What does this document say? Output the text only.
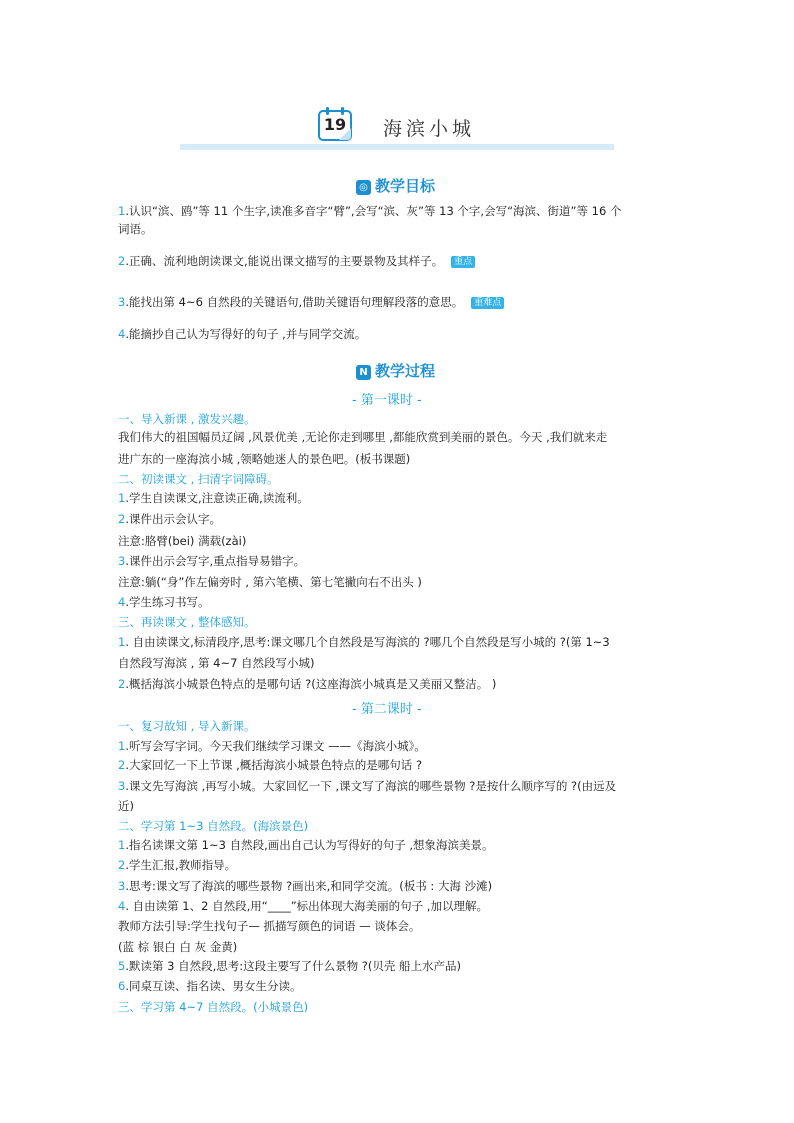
19	海滨小城
◎ 教学目标
1.认识“滨、鸥”等 11 个生字,读准多音字“臂”,会写“滨、灰”等 13 个字,会写“海滨、街道”等 16 个
词语。
2.正确、流利地朗读课文,能说出课文描写的主要景物及其样子。 重点
3.能找出第 4~6 自然段的关键语句,借助关键语句理解段落的意思。 重难点
4.能摘抄自己认为写得好的句子 ,并与同学交流。
N 教学过程
- 第一课时 -
一、导入新课 , 激发兴趣。
我们伟大的祖国幅员辽阔 ,风景优美 ,无论你走到哪里 ,都能欣赏到美丽的景色。今天 ,我们就来走
进广东的一座海滨小城 ,领略她迷人的景色吧。(板书课题)
二、初读课文 , 扫清字词障碍。
1.学生自读课文,注意读正确,读流利。
2.课件出示会认字。
注意:胳臂(bei) 满载(zài)
3.课件出示会写字,重点指导易错字。
注意:躺(“身”作左偏旁时 , 第六笔横、第七笔撇向右不出头 )
4.学生练习书写。
三、再读课文 , 整体感知。
1. 自由读课文,标清段序,思考:课文哪几个自然段是写海滨的 ?哪几个自然段是写小城的 ?(第 1~3
自然段写海滨 , 第 4~7 自然段写小城)
2.概括海滨小城景色特点的是哪句话 ?(这座海滨小城真是又美丽又整洁。 )
- 第二课时 -
一、复习故知 , 导入新课。
1.听写会写字词。今天我们继续学习课文 ——《海滨小城》。
2.大家回忆一下上节课 ,概括海滨小城景色特点的是哪句话 ?
3.课文先写海滨 ,再写小城。大家回忆一下 ,课文写了海滨的哪些景物 ?是按什么顺序写的 ?(由远及
近)
二、学习第 1~3 自然段。(海滨景色)
1.指名读课文第 1~3 自然段,画出自己认为写得好的句子 ,想象海滨美景。
2.学生汇报,教师指导。
3.思考:课文写了海滨的哪些景物 ?画出来,和同学交流。(板书 : 大海 沙滩)
4. 自由读第 1、2 自然段,用“____”标出体现大海美丽的句子 ,加以理解。
教师方法引导:学生找句子— 抓描写颜色的词语 — 谈体会。
(蓝 棕 银白 白 灰 金黄)
5.默读第 3 自然段,思考:这段主要写了什么景物 ?(贝壳 船上水产品)
6.同桌互读、指名读、男女生分读。
三、学习第 4~7 自然段。(小城景色)
